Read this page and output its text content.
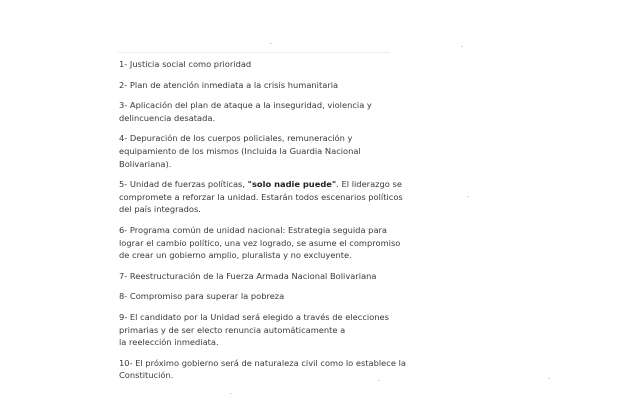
1- Justicia social como prioridad
2- Plan de atención inmediata a la crisis humanitaria
3- Aplicación del plan de ataque a la inseguridad, violencia y delincuencia desatada.
4- Depuración de los cuerpos policiales, remuneración y equipamiento de los mismos (Incluida la Guardia Nacional Bolivariana).
5- Unidad de fuerzas políticas, "solo nadie puede". El liderazgo se compromete a reforzar la unidad. Estarán todos escenarios políticos del país integrados.
6- Programa común de unidad nacional: Estrategia seguida para lograr el cambio político, una vez logrado, se asume el compromiso de crear un gobierno amplio, pluralista y no excluyente.
7- Reestructuración de la Fuerza Armada Nacional Bolivariana
8- Compromiso para superar la pobreza
9- El candidato por la Unidad será elegido a través de elecciones primarias y de ser electo renuncia automáticamente a
la reelección inmediata.
10- El próximo gobierno será de naturaleza civil como lo establece la Constitución.
